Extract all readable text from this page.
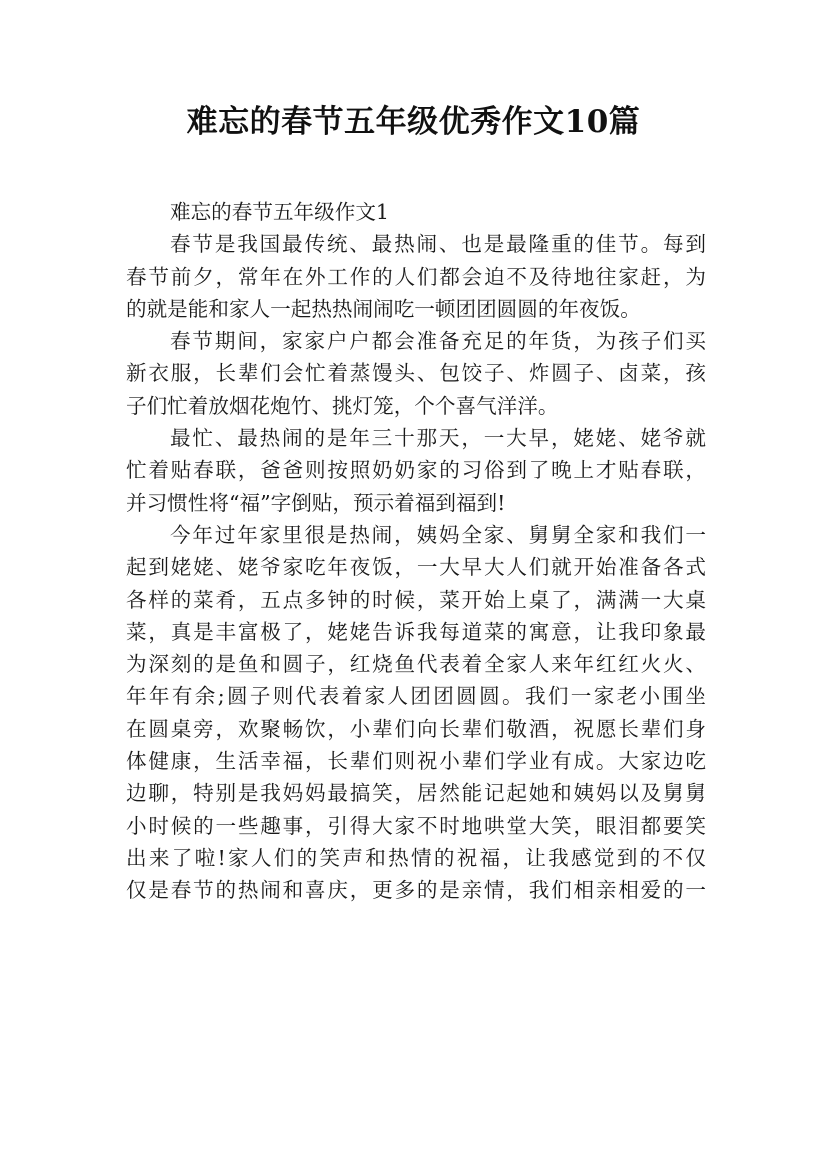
难忘的春节五年级优秀作文10篇
难忘的春节五年级作文1
春节是我国最传统、最热闹、也是最隆重的佳节。每到
春节前夕，常年在外工作的人们都会迫不及待地往家赶，为
的就是能和家人一起热热闹闹吃一顿团团圆圆的年夜饭。
春节期间，家家户户都会准备充足的年货，为孩子们买
新衣服，长辈们会忙着蒸馒头、包饺子、炸圆子、卤菜，孩
子们忙着放烟花炮竹、挑灯笼，个个喜气洋洋。
最忙、最热闹的是年三十那天，一大早，姥姥、姥爷就
忙着贴春联，爸爸则按照奶奶家的习俗到了晚上才贴春联，
并习惯性将“福”字倒贴，预示着福到福到!
今年过年家里很是热闹，姨妈全家、舅舅全家和我们一
起到姥姥、姥爷家吃年夜饭，一大早大人们就开始准备各式
各样的菜肴，五点多钟的时候，菜开始上桌了，满满一大桌
菜，真是丰富极了，姥姥告诉我每道菜的寓意，让我印象最
为深刻的是鱼和圆子，红烧鱼代表着全家人来年红红火火、
年年有余;圆子则代表着家人团团圆圆。我们一家老小围坐
在圆桌旁，欢聚畅饮，小辈们向长辈们敬酒，祝愿长辈们身
体健康，生活幸福，长辈们则祝小辈们学业有成。大家边吃
边聊，特别是我妈妈最搞笑，居然能记起她和姨妈以及舅舅
小时候的一些趣事，引得大家不时地哄堂大笑，眼泪都要笑
出来了啦!家人们的笑声和热情的祝福，让我感觉到的不仅
仅是春节的热闹和喜庆，更多的是亲情，我们相亲相爱的一
